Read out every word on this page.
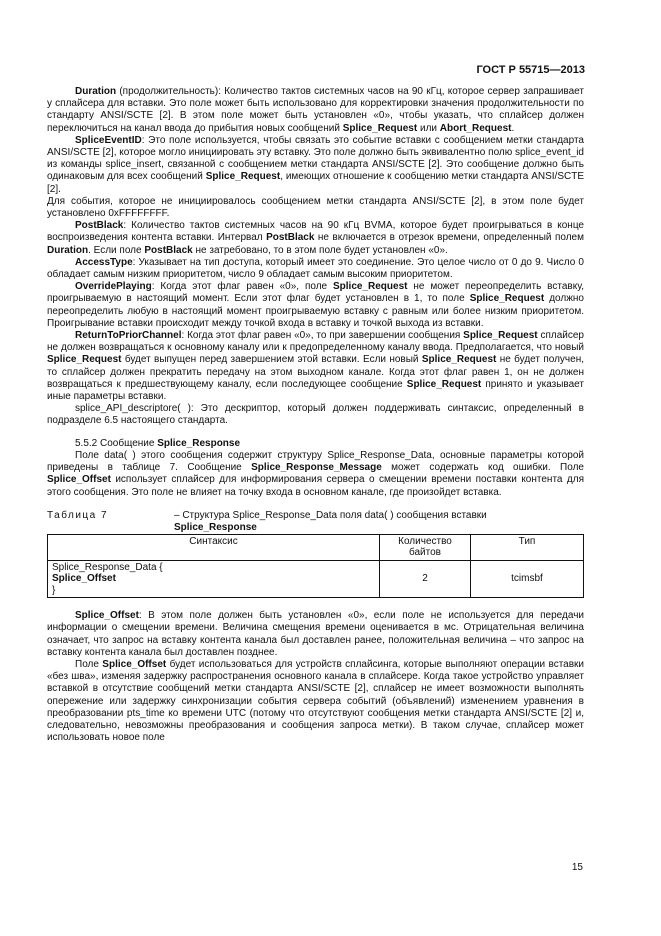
ГОСТ Р 55715—2013

Duration (продолжительность): Количество тактов системных часов на 90 кГц, которое сервер запрашивает у сплайсера для вставки. Это поле может быть использовано для корректировки значения продолжительности по стандарту ANSI/SCTE [2]. В этом поле может быть установлен «0», чтобы указать, что сплайсер должен переключиться на канал ввода до прибытия новых сообщений Splice_Request или Abort_Request.

SpliceEventID: Это поле используется, чтобы связать это событие вставки с сообщением метки стандарта ANSI/SCTE [2], которое могло инициировать эту вставку. Это поле должно быть эквивалентно полю splice_event_id из команды splice_insert, связанной с сообщением метки стандарта ANSI/SCTE [2]. Это сообщение должно быть одинаковым для всех сообщений Splice_Request, имеющих отношение к сообщению метки стандарта ANSI/SCTE [2].

Для события, которое не инициировалось сообщением метки стандарта ANSI/SCTE [2], в этом поле будет установлено 0xFFFFFFFF.

PostBlack: Количество тактов системных часов на 90 кГц BVMA, которое будет проигрываться в конце воспроизведения контента вставки. Интервал PostBlack не включается в отрезок времени, определенный полем Duration. Если поле PostBlack не затребовано, то в этом поле будет установлен «0».

AccessType: Указывает на тип доступа, который имеет это соединение. Это целое число от 0 до 9. Число 0 обладает самым низким приоритетом, число 9 обладает самым высоким приоритетом.

OverridePlaying: Когда этот флаг равен «0», поле Splice_Request не может переопределить вставку, проигрываемую в настоящий момент. Если этот флаг будет установлен в 1, то поле Splice_Request должно переопределить любую в настоящий момент проигрываемую вставку с равным или более низким приоритетом. Проигрывание вставки происходит между точкой входа в вставку и точкой выхода из вставки.

ReturnToPriorChannel: Когда этот флаг равен «0», то при завершении сообщения Splice_Request сплайсер не должен возвращаться к основному каналу или к предопределенному каналу ввода. Предполагается, что новый Splice_Request будет выпущен перед завершением этой вставки. Если новый Splice_Request не будет получен, то сплайсер должен прекратить передачу на этом выходном канале. Когда этот флаг равен 1, он не должен возвращаться к предшествующему каналу, если последующее сообщение Splice_Request принято и указывает иные параметры вставки.

splice_API_descriptore( ): Это дескриптор, который должен поддерживать синтаксис, определенный в подразделе 6.5 настоящего стандарта.

5.5.2 Сообщение Splice_Response

Поле data( ) этого сообщения содержит структуру Splice_Response_Data, основные параметры которой приведены в таблице 7. Сообщение Splice_Response_Message может содержать код ошибки. Поле Splice_Offset использует сплайсер для информирования сервера о смещении времени поставки контента для этого сообщения. Это поле не влияет на точку входа в основном канале, где произойдет вставка.

Таблица 7	– Структура Splice_Response_Data поля data( ) сообщения вставки
Splice_Response
Синтаксис	Количество байтов	Тип
Splice_Response_Data {
Splice_Offset
}	2	tcimsbf

Splice_Offset: В этом поле должен быть установлен «0», если поле не используется для передачи информации о смещении времени. Величина смещения времени оценивается в мс. Отрицательная величина означает, что запрос на вставку контента канала был доставлен ранее, положительная величина – что запрос на вставку контента канала был доставлен позднее.

Поле Splice_Offset будет использоваться для устройств сплайсинга, которые выполняют операции вставки «без шва», изменяя задержку распространения основного канала в сплайсере. Когда такое устройство управляет вставкой в отсутствие сообщений метки стандарта ANSI/SCTE [2], сплайсер не имеет возможности выполнять опережение или задержку синхронизации события сервера событий (объявлений) изменением уравнения в преобразовании pts_time ко времени UTC (потому что отсутствуют сообщения метки стандарта ANSI/SCTE [2] и, следовательно, невозможны преобразования и сообщения запроса метки). В таком случае, сплайсер может использовать новое поле

15
